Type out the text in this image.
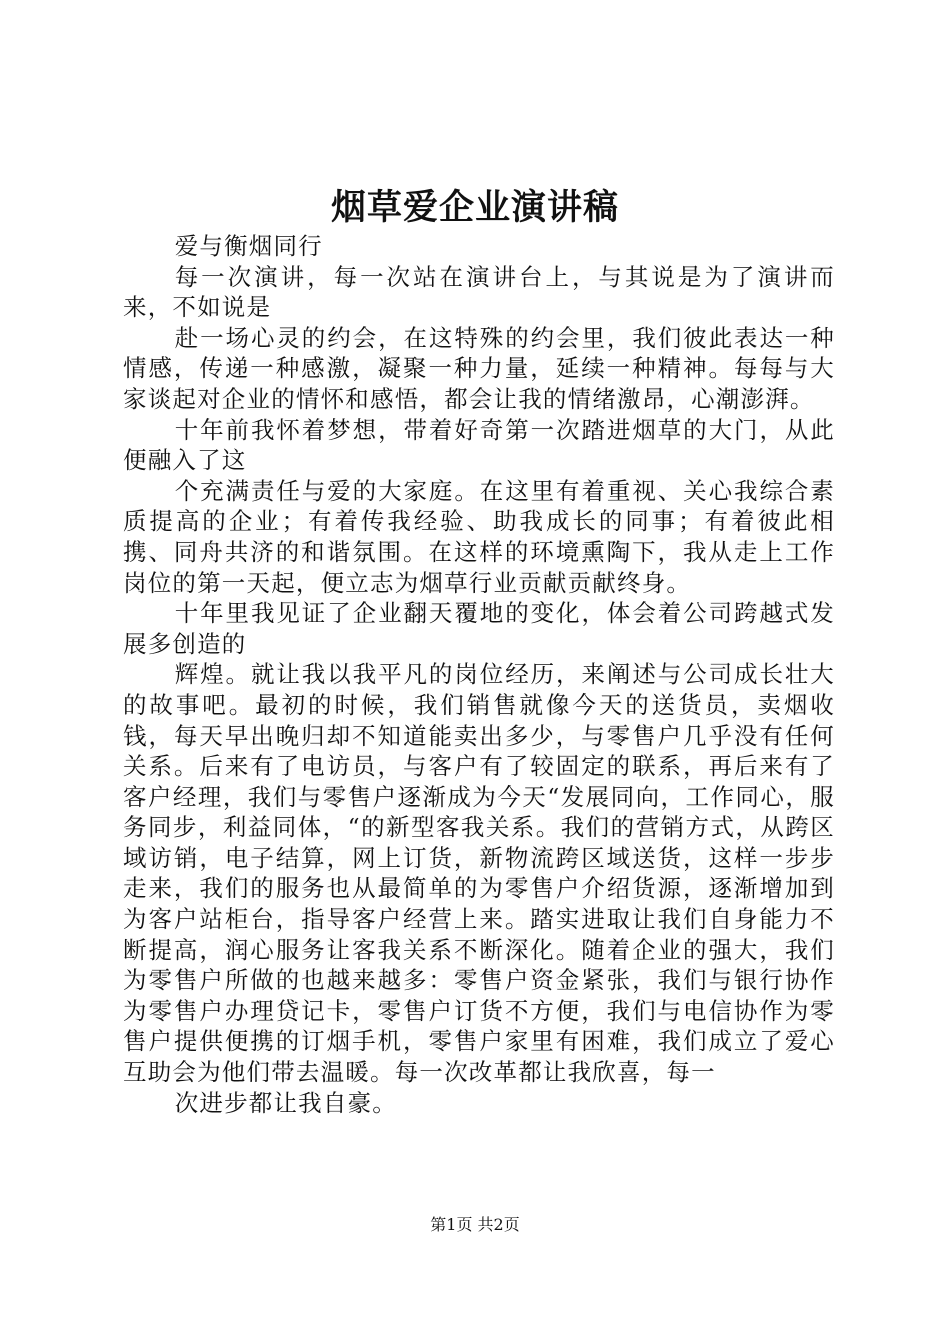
烟草爱企业演讲稿

爱与衡烟同行

每一次演讲，每一次站在演讲台上，与其说是为了演讲而来，不如说是

赴一场心灵的约会，在这特殊的约会里，我们彼此表达一种情感，传递一种感激，凝聚一种力量，延续一种精神。每每与大家谈起对企业的情怀和感悟，都会让我的情绪激昂，心潮澎湃。

十年前我怀着梦想，带着好奇第一次踏进烟草的大门，从此便融入了这

个充满责任与爱的大家庭。在这里有着重视、关心我综合素质提高的企业；有着传我经验、助我成长的同事；有着彼此相携、同舟共济的和谐氛围。在这样的环境熏陶下，我从走上工作岗位的第一天起，便立志为烟草行业贡献贡献终身。

十年里我见证了企业翻天覆地的变化，体会着公司跨越式发展多创造的

辉煌。就让我以我平凡的岗位经历，来阐述与公司成长壮大的故事吧。最初的时候，我们销售就像今天的送货员，卖烟收钱，每天早出晚归却不知道能卖出多少，与零售户几乎没有任何关系。后来有了电访员，与客户有了较固定的联系，再后来有了客户经理，我们与零售户逐渐成为今天“发展同向，工作同心，服务同步，利益同体，“的新型客我关系。我们的营销方式，从跨区域访销，电子结算，网上订货，新物流跨区域送货，这样一步步走来，我们的服务也从最简单的为零售户介绍货源，逐渐增加到为客户站柜台，指导客户经营上来。踏实进取让我们自身能力不断提高，润心服务让客我关系不断深化。随着企业的强大，我们为零售户所做的也越来越多：零售户资金紧张，我们与银行协作为零售户办理贷记卡，零售户订货不方便，我们与电信协作为零售户提供便携的订烟手机，零售户家里有困难，我们成立了爱心互助会为他们带去温暖。每一次改革都让我欣喜，每一

次进步都让我自豪。

第1页 共2页
